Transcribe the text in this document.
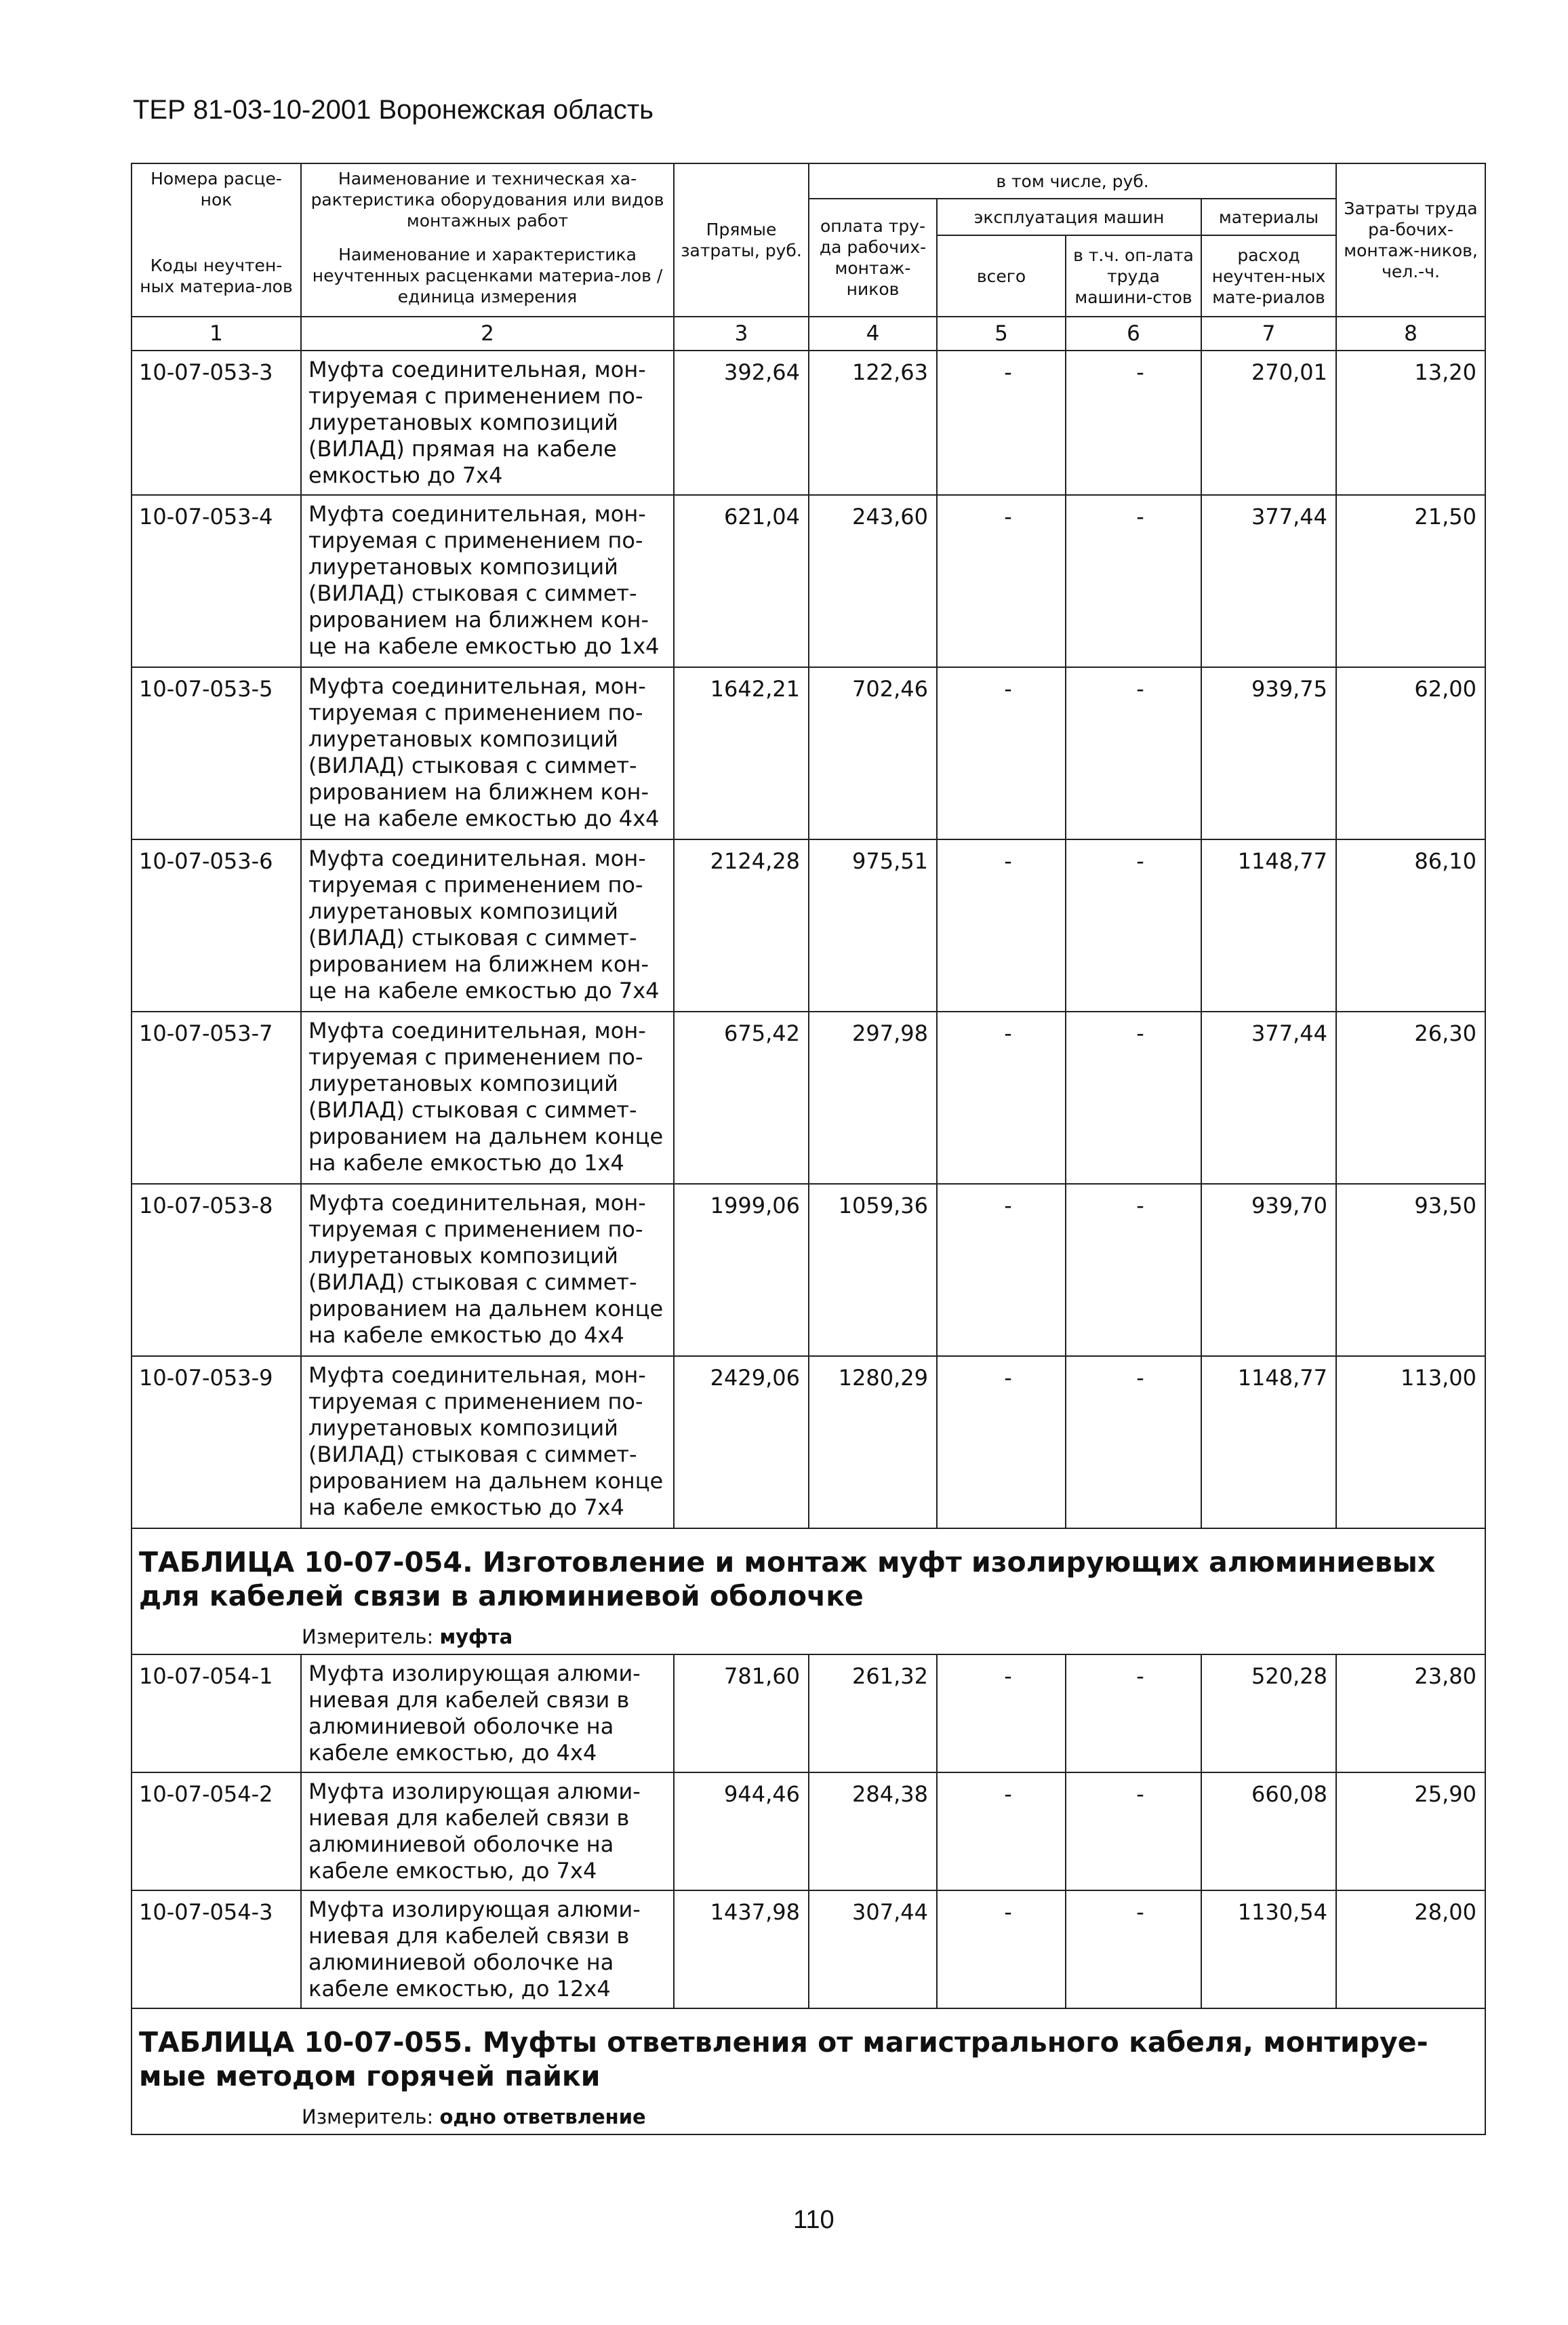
ТЕР 81-03-10-2001 Воронежская область
Номера расце-нок	Наименование и техническая ха-рактеристика оборудования или видов монтажных работ	Прямые затраты, руб.	в том числе, руб.				Затраты труда ра-бочих-монтаж-ников, чел.-ч.
			оплата тру-да рабочих-монтаж-ников	эксплуатация машин		материалы	
Коды неучтен-ных материа-лов	Наименование и характеристика неучтенных расценками материа-лов / единица измерения			всего	в т.ч. оп-лата труда машини-стов	расход неучтен-ных мате-риалов	

1	2	3	4	5	6	7	8
10-07-053-3	Муфта соединительная, мон-тируемая с применением по-лиуретановых композиций (ВИЛАД) прямая на кабеле емкостью до 7х4	392,64	122,63	-	-	270,01	13,20
10-07-053-4	Муфта соединительная, мон-тируемая с применением по-лиуретановых композиций (ВИЛАД) стыковая с симмет-рированием на ближнем кон-це на кабеле емкостью до 1х4	621,04	243,60	-	-	377,44	21,50
10-07-053-5	Муфта соединительная, мон-тируемая с применением по-лиуретановых композиций (ВИЛАД) стыковая с симмет-рированием на ближнем кон-це на кабеле емкостью до 4х4	1642,21	702,46	-	-	939,75	62,00
10-07-053-6	Муфта соединительная. мон-тируемая с применением по-лиуретановых композиций (ВИЛАД) стыковая с симмет-рированием на ближнем кон-це на кабеле емкостью до 7х4	2124,28	975,51	-	-	1148,77	86,10
10-07-053-7	Муфта соединительная, мон-тируемая с применением по-лиуретановых композиций (ВИЛАД) стыковая с симмет-рированием на дальнем конце на кабеле емкостью до 1х4	675,42	297,98	-	-	377,44	26,30
10-07-053-8	Муфта соединительная, мон-тируемая с применением по-лиуретановых композиций (ВИЛАД) стыковая с симмет-рированием на дальнем конце на кабеле емкостью до 4х4	1999,06	1059,36	-	-	939,70	93,50
10-07-053-9	Муфта соединительная, мон-тируемая с применением по-лиуретановых композиций (ВИЛАД) стыковая с симмет-рированием на дальнем конце на кабеле емкостью до 7х4	2429,06	1280,29	-	-	1148,77	113,00

ТАБЛИЦА 10-07-054. Изготовление и монтаж муфт изолирующих алюминиевых для кабелей связи в алюминиевой оболочке
Измеритель: муфта							

10-07-054-1	Муфта изолирующая алюми-ниевая для кабелей связи в алюминиевой оболочке на кабеле емкостью, до 4х4	781,60	261,32	-	-	520,28	23,80
10-07-054-2	Муфта изолирующая алюми-ниевая для кабелей связи в алюминиевой оболочке на кабеле емкостью, до 7х4	944,46	284,38	-	-	660,08	25,90
10-07-054-3	Муфта изолирующая алюми-ниевая для кабелей связи в алюминиевой оболочке на кабеле емкостью, до 12х4	1437,98	307,44	-	-	1130,54	28,00

ТАБЛИЦА 10-07-055. Муфты ответвления от магистрального кабеля, монтируе-мые методом горячей пайки
Измеритель: одно ответвление							
110
